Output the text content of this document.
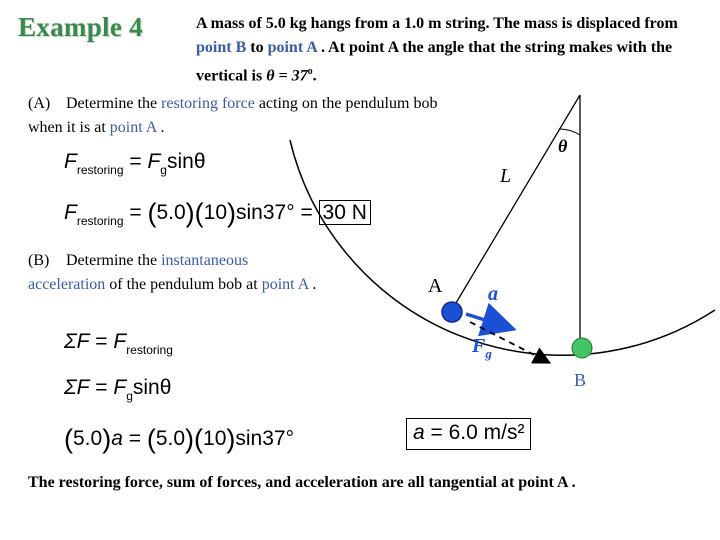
Example 4	A mass of 5.0 kg hangs from a 1.0 m string. The mass is displaced from point B to point A . At point A the angle that the string makes with the vertical is $\theta = 37^o$.
(A) Determine the restoring force acting on the pendulum bob when it is at point A .
$F_{restoring} = F_g\sin\theta$
$F_{restoring} = (5.0)(10)\sin 37^\circ = 30$ N
(B) Determine the instantaneous acceleration of the pendulum bob at point A .
$\Sigma F = F_{restoring}$
$\Sigma F = F_g\sin\theta$
(5.0)a = (5.0)(10)sin37°	a = 6.0 m/s²
θ
L
A a
$F_g$
B
The restoring force, sum of forces, and acceleration are all tangential at point A .
